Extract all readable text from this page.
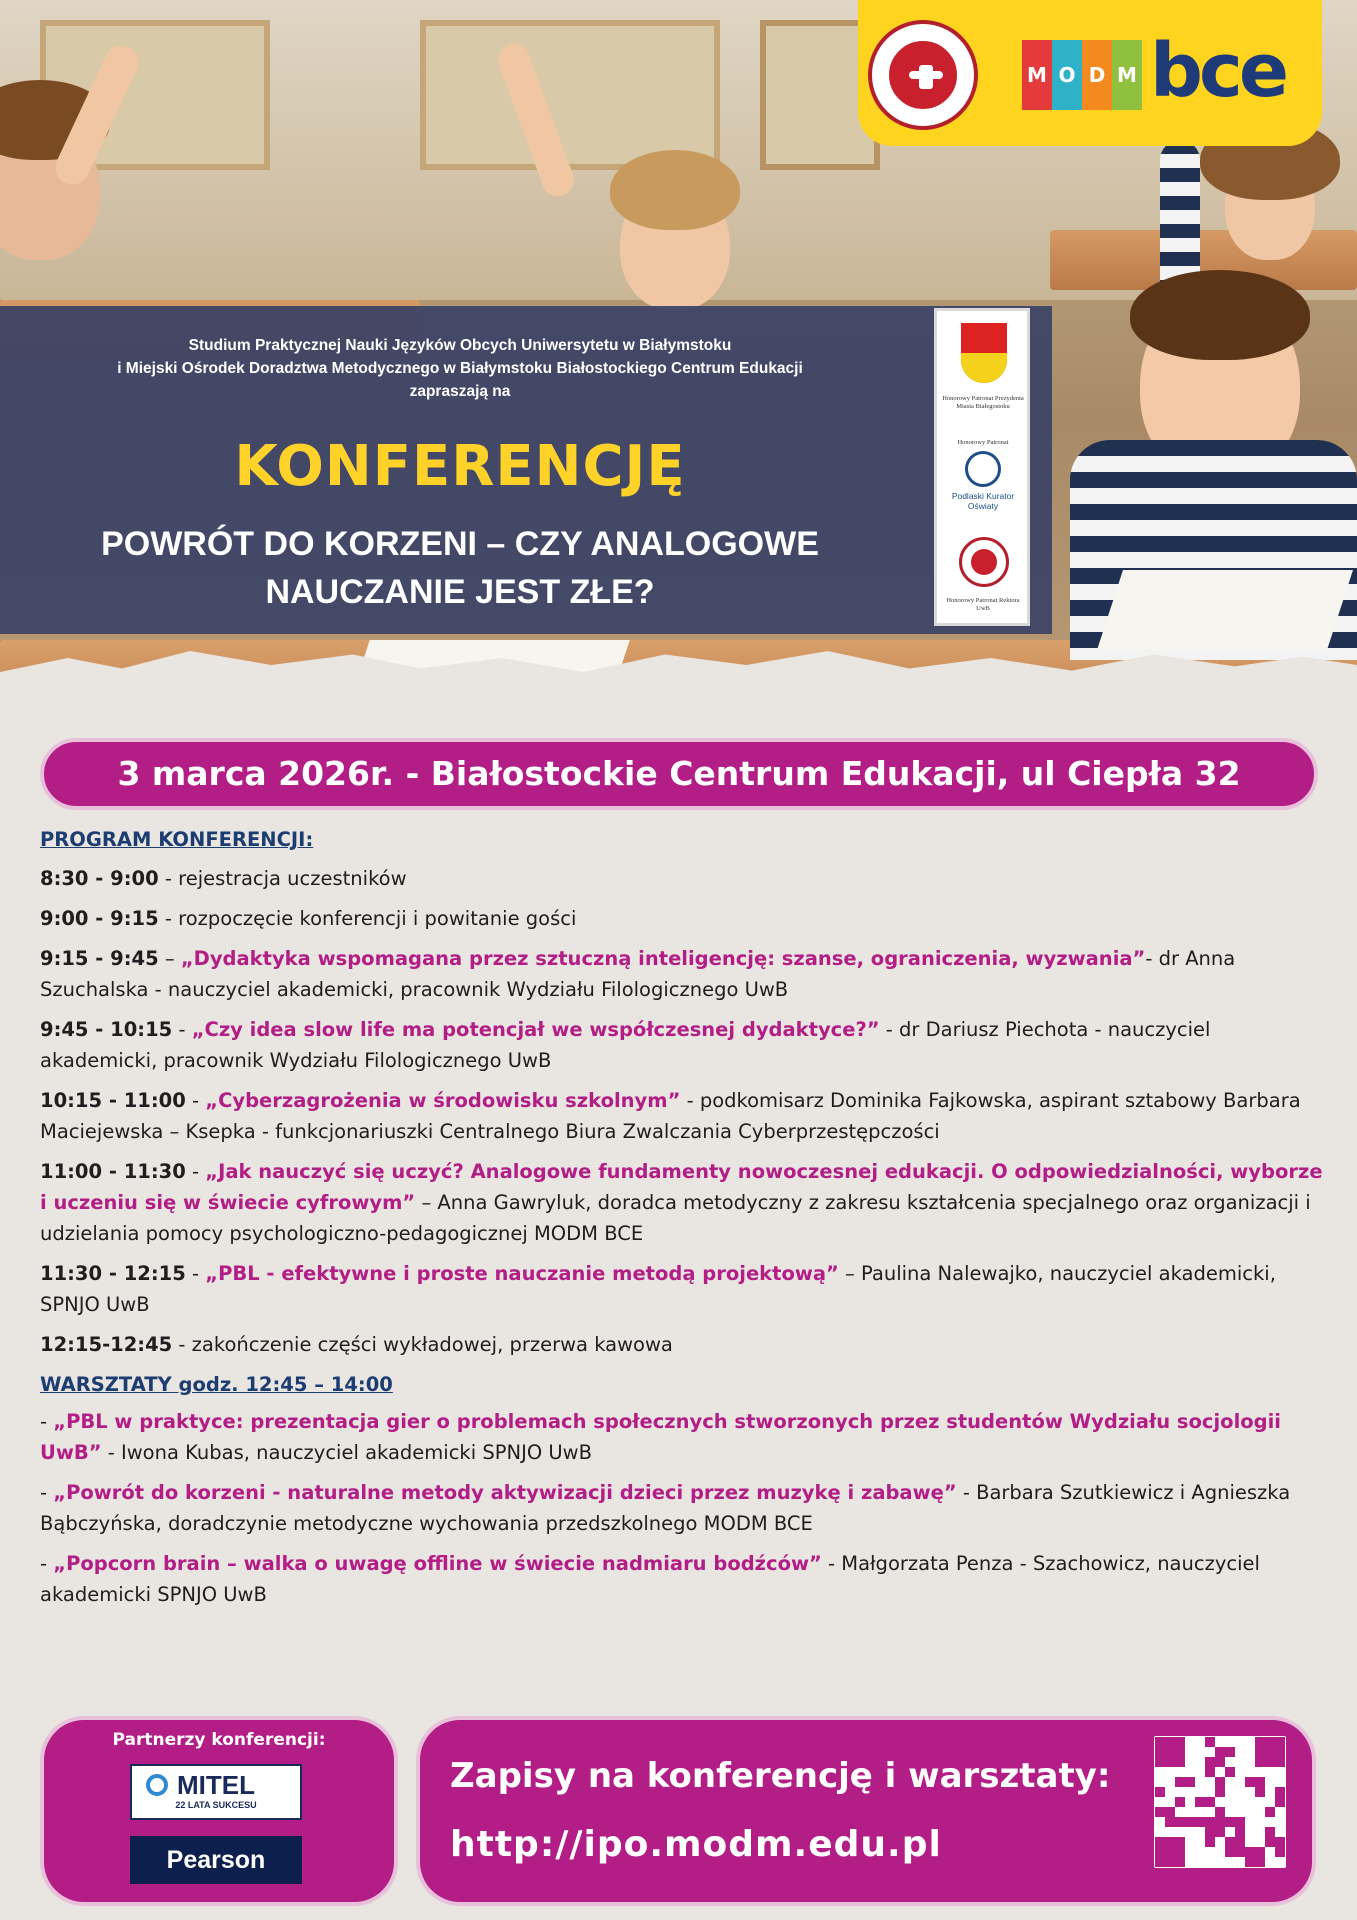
M O D M bce
Studium Praktycznej Nauki Języków Obcych Uniwersytetu w Białymstoku
i Miejski Ośrodek Doradztwa Metodycznego w Białymstoku Białostockiego Centrum Edukacji
zapraszają na
KONFERENCJĘ
POWRÓT DO KORZENI – CZY ANALOGOWE
NAUCZANIE JEST ZŁE?
Honorowy Patronat Prezydenta Miasta Białegostoku
Honorowy Patronat
Podlaski Kurator Oświaty
Honorowy Patronat Rektora UwB
3 marca 2026r. - Białostockie Centrum Edukacji, ul Ciepła 32
PROGRAM KONFERENCJI:
8:30 - 9:00 - rejestracja uczestników
9:00 - 9:15 - rozpoczęcie konferencji i powitanie gości
9:15 - 9:45 – „Dydaktyka wspomagana przez sztuczną inteligencję: szanse, ograniczenia, wyzwania”- dr Anna Szuchalska - nauczyciel akademicki, pracownik Wydziału Filologicznego UwB
9:45 - 10:15 - „Czy idea slow life ma potencjał we współczesnej dydaktyce?” - dr Dariusz Piechota - nauczyciel akademicki, pracownik Wydziału Filologicznego UwB
10:15 - 11:00 - „Cyberzagrożenia w środowisku szkolnym” - podkomisarz Dominika Fajkowska, aspirant sztabowy Barbara Maciejewska – Ksepka - funkcjonariuszki Centralnego Biura Zwalczania Cyberprzestępczości
11:00 - 11:30 - „Jak nauczyć się uczyć? Analogowe fundamenty nowoczesnej edukacji. O odpowiedzialności, wyborze i uczeniu się w świecie cyfrowym” – Anna Gawryluk, doradca metodyczny z zakresu kształcenia specjalnego oraz organizacji i udzielania pomocy psychologiczno-pedagogicznej MODM BCE
11:30 - 12:15 - „PBL - efektywne i proste nauczanie metodą projektową” – Paulina Nalewajko, nauczyciel akademicki, SPNJO UwB
12:15-12:45 - zakończenie części wykładowej, przerwa kawowa
WARSZTATY godz. 12:45 – 14:00
- „PBL w praktyce: prezentacja gier o problemach społecznych stworzonych przez studentów Wydziału socjologii UwB” - Iwona Kubas, nauczyciel akademicki SPNJO UwB
- „Powrót do korzeni - naturalne metody aktywizacji dzieci przez muzykę i zabawę” - Barbara Szutkiewicz i Agnieszka Bąbczyńska, doradczynie metodyczne wychowania przedszkolnego MODM BCE
- „Popcorn brain – walka o uwagę offline w świecie nadmiaru bodźców” - Małgorzata Penza - Szachowicz, nauczyciel akademicki SPNJO UwB
Partnerzy konferencji:
MITEL
22 LATA SUKCESU
Pearson
Zapisy na konferencję i warsztaty:
http://ipo.modm.edu.pl
